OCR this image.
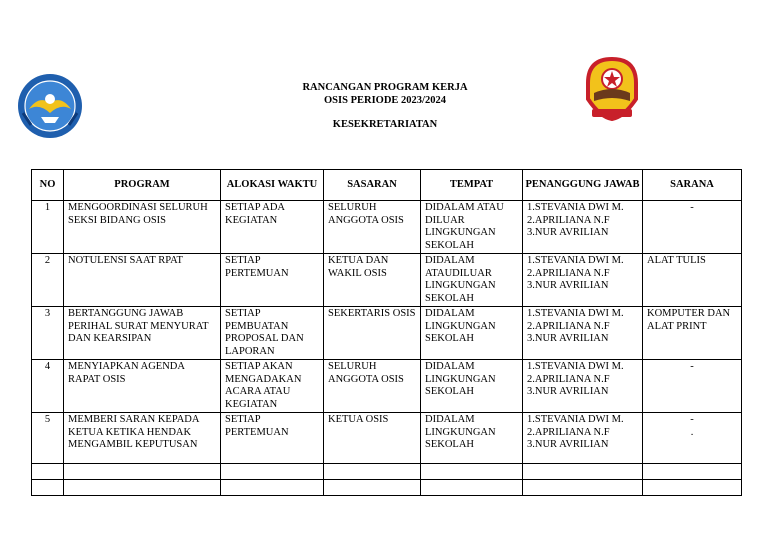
RANCANGAN PROGRAM KERJA
OSIS PERIODE 2023/2024
KESEKRETARIATAN
NO	PROGRAM	ALOKASI WAKTU	SASARAN	TEMPAT	PENANGGUNG JAWAB	SARANA
1	MENGOORDINASI SELURUH SEKSI BIDANG OSIS	SETIAP ADA KEGIATAN	SELURUH ANGGOTA OSIS	DIDALAM ATAU DILUAR LINGKUNGAN SEKOLAH	1.STEVANIA DWI M.
2.APRILIANA N.F
3.NUR AVRILIAN	-
2	NOTULENSI SAAT RPAT	SETIAP PERTEMUAN	KETUA DAN WAKIL OSIS	DIDALAM ATAUDILUAR LINGKUNGAN SEKOLAH	1.STEVANIA DWI M.
2.APRILIANA N.F
3.NUR AVRILIAN	ALAT TULIS
3	BERTANGGUNG JAWAB PERIHAL SURAT MENYURAT DAN KEARSIPAN	SETIAP PEMBUATAN PROPOSAL DAN LAPORAN	SEKERTARIS OSIS	DIDALAM LINGKUNGAN SEKOLAH	1.STEVANIA DWI M.
2.APRILIANA N.F
3.NUR AVRILIAN	KOMPUTER DAN ALAT PRINT
4	MENYIAPKAN AGENDA RAPAT OSIS	SETIAP AKAN MENGADAKAN ACARA ATAU KEGIATAN	SELURUH ANGGOTA OSIS	DIDALAM LINGKUNGAN SEKOLAH	1.STEVANIA DWI M.
2.APRILIANA N.F
3.NUR AVRILIAN	-
5	MEMBERI SARAN KEPADA KETUA KETIKA HENDAK MENGAMBIL KEPUTUSAN	SETIAP PERTEMUAN	KETUA OSIS	DIDALAM LINGKUNGAN SEKOLAH	1.STEVANIA DWI M.
2.APRILIANA N.F
3.NUR AVRILIAN	-
.
